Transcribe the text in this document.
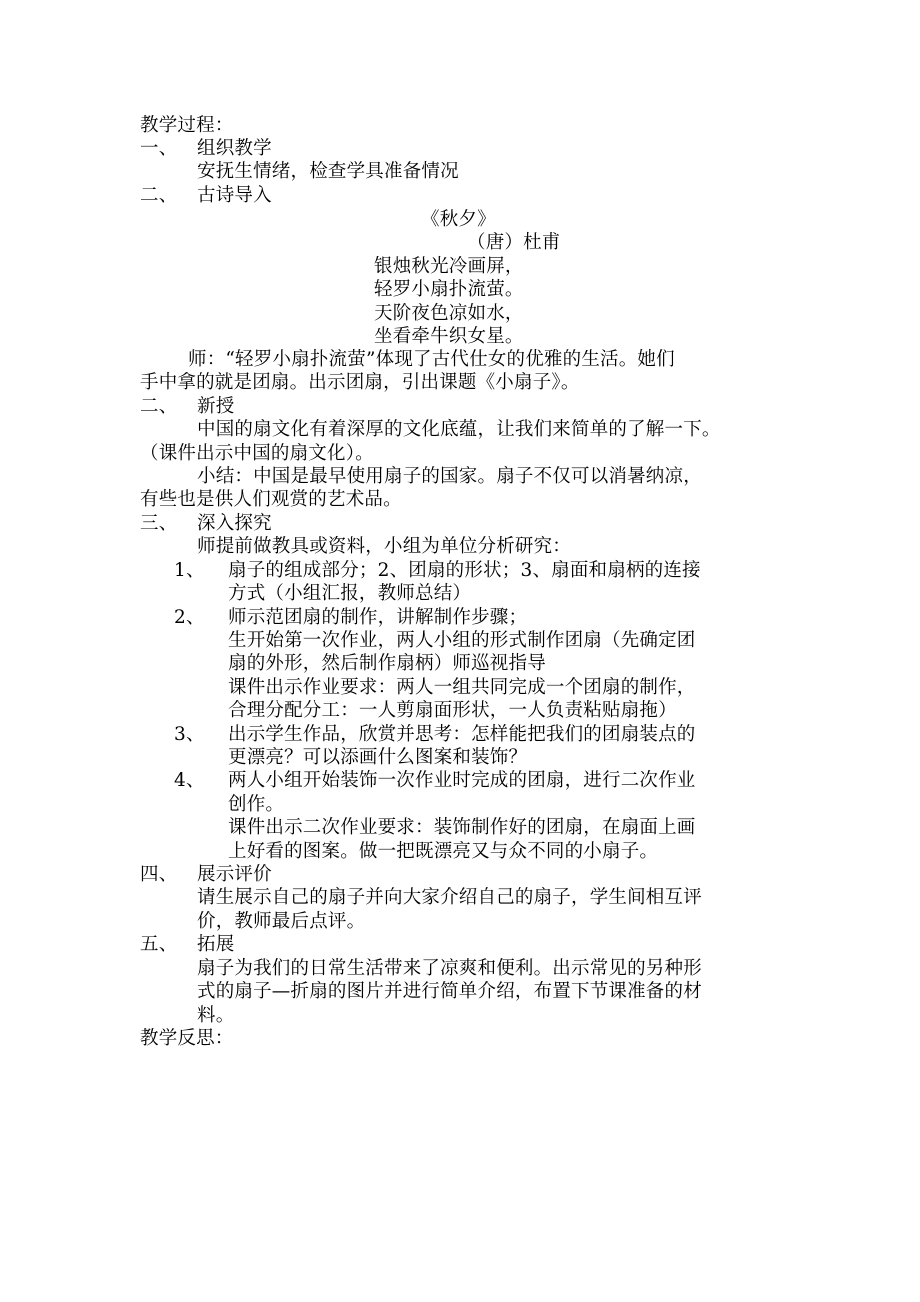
教学过程：
一、 组织教学
安抚生情绪，检查学具准备情况
二、 古诗导入
《秋夕》
（唐）杜甫
银烛秋光冷画屏，
轻罗小扇扑流萤。
天阶夜色凉如水，
坐看牵牛织女星。
师：“轻罗小扇扑流萤”体现了古代仕女的优雅的生活。她们
手中拿的就是团扇。出示团扇，引出课题《小扇子》。
二、 新授
中国的扇文化有着深厚的文化底蕴，让我们来简单的了解一下。
（课件出示中国的扇文化）。
小结：中国是最早使用扇子的国家。扇子不仅可以消暑纳凉，
有些也是供人们观赏的艺术品。
三、 深入探究
师提前做教具或资料，小组为单位分析研究：
1、 扇子的组成部分；2、团扇的形状；3、扇面和扇柄的连接
方式（小组汇报，教师总结）
2、 师示范团扇的制作，讲解制作步骤；
生开始第一次作业，两人小组的形式制作团扇（先确定团
扇的外形，然后制作扇柄）师巡视指导
课件出示作业要求：两人一组共同完成一个团扇的制作，
合理分配分工：一人剪扇面形状，一人负责粘贴扇拖）
3、 出示学生作品，欣赏并思考：怎样能把我们的团扇装点的
更漂亮？可以添画什么图案和装饰？
4、 两人小组开始装饰一次作业时完成的团扇，进行二次作业
创作。
课件出示二次作业要求：装饰制作好的团扇，在扇面上画
上好看的图案。做一把既漂亮又与众不同的小扇子。
四、 展示评价
请生展示自己的扇子并向大家介绍自己的扇子，学生间相互评
价，教师最后点评。
五、 拓展
扇子为我们的日常生活带来了凉爽和便利。出示常见的另种形
式的扇子—折扇的图片并进行简单介绍，布置下节课准备的材
料。
教学反思：
